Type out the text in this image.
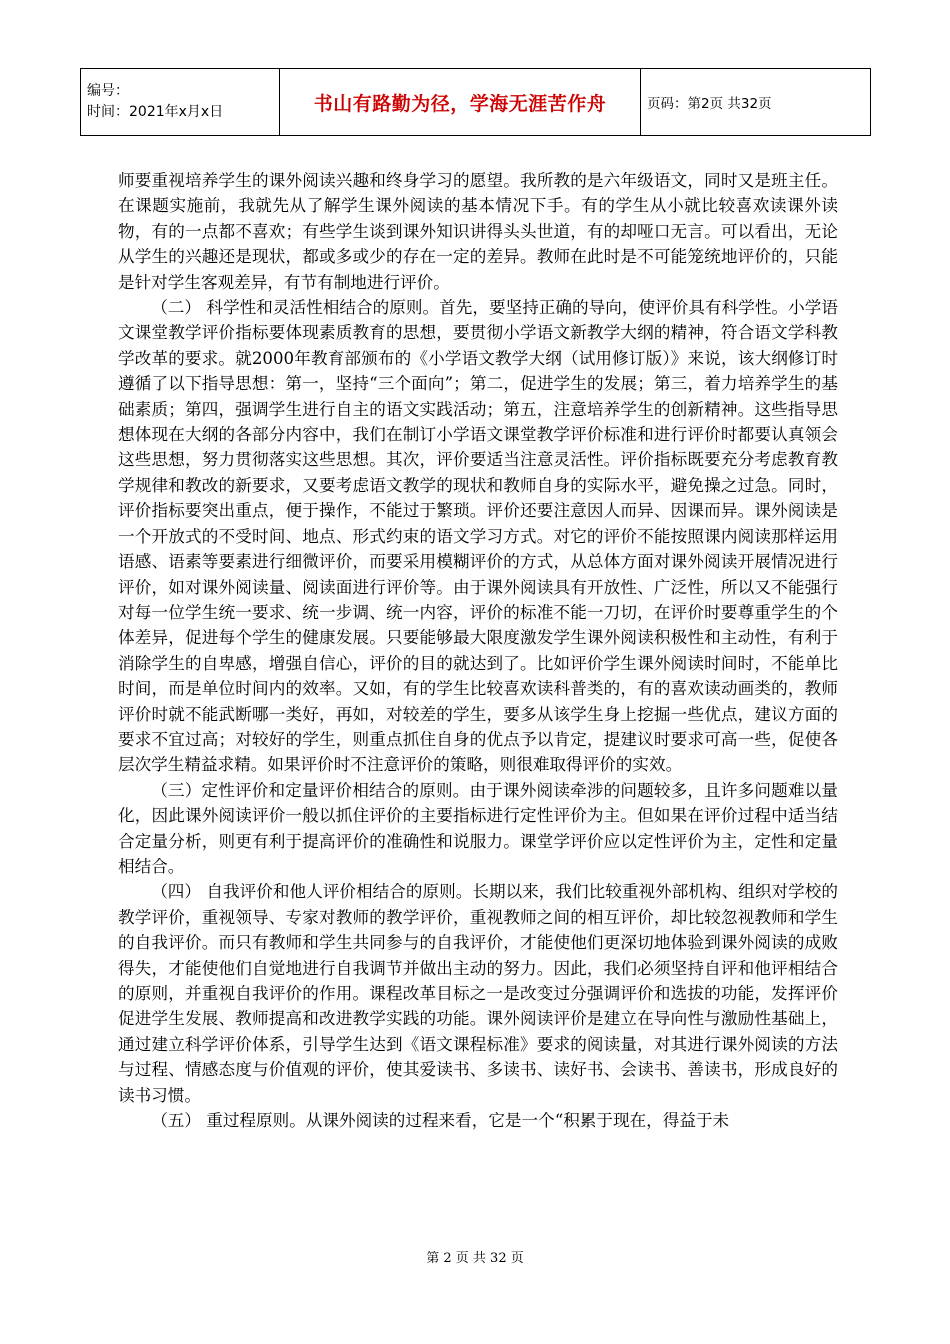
编号：
时间：2021年x月x日	书山有路勤为径，学海无涯苦作舟	页码：第2页 共32页

师要重视培养学生的课外阅读兴趣和终身学习的愿望。我所教的是六年级语文，同时又是班主任。在课题实施前，我就先从了解学生课外阅读的基本情况下手。有的学生从小就比较喜欢读课外读物，有的一点都不喜欢；有些学生谈到课外知识讲得头头世道，有的却哑口无言。可以看出，无论从学生的兴趣还是现状，都或多或少的存在一定的差异。教师在此时是不可能笼统地评价的，只能是针对学生客观差异，有节有制地进行评价。

（二） 科学性和灵活性相结合的原则。首先，要坚持正确的导向，使评价具有科学性。小学语文课堂教学评价指标要体现素质教育的思想，要贯彻小学语文新教学大纲的精神，符合语文学科教学改革的要求。就2000年教育部颁布的《小学语文教学大纲（试用修订版）》来说，该大纲修订时遵循了以下指导思想：第一，坚持“三个面向”；第二，促进学生的发展；第三，着力培养学生的基础素质；第四，强调学生进行自主的语文实践活动；第五，注意培养学生的创新精神。这些指导思想体现在大纲的各部分内容中，我们在制订小学语文课堂教学评价标准和进行评价时都要认真领会这些思想，努力贯彻落实这些思想。其次，评价要适当注意灵活性。评价指标既要充分考虑教育教学规律和教改的新要求，又要考虑语文教学的现状和教师自身的实际水平，避免操之过急。同时，评价指标要突出重点，便于操作，不能过于繁琐。评价还要注意因人而异、因课而异。课外阅读是一个开放式的不受时间、地点、形式约束的语文学习方式。对它的评价不能按照课内阅读那样运用语感、语素等要素进行细微评价，而要采用模糊评价的方式，从总体方面对课外阅读开展情况进行评价，如对课外阅读量、阅读面进行评价等。由于课外阅读具有开放性、广泛性，所以又不能强行对每一位学生统一要求、统一步调、统一内容，评价的标准不能一刀切，在评价时要尊重学生的个体差异，促进每个学生的健康发展。只要能够最大限度激发学生课外阅读积极性和主动性，有利于消除学生的自卑感，增强自信心，评价的目的就达到了。比如评价学生课外阅读时间时，不能单比时间，而是单位时间内的效率。又如，有的学生比较喜欢读科普类的，有的喜欢读动画类的，教师评价时就不能武断哪一类好，再如，对较差的学生，要多从该学生身上挖掘一些优点，建议方面的要求不宜过高；对较好的学生，则重点抓住自身的优点予以肯定，提建议时要求可高一些，促使各层次学生精益求精。如果评价时不注意评价的策略，则很难取得评价的实效。

（三）定性评价和定量评价相结合的原则。由于课外阅读牵涉的问题较多，且许多问题难以量化，因此课外阅读评价一般以抓住评价的主要指标进行定性评价为主。但如果在评价过程中适当结合定量分析，则更有利于提高评价的准确性和说服力。课堂学评价应以定性评价为主，定性和定量相结合。

（四） 自我评价和他人评价相结合的原则。长期以来，我们比较重视外部机构、组织对学校的教学评价，重视领导、专家对教师的教学评价，重视教师之间的相互评价，却比较忽视教师和学生的自我评价。而只有教师和学生共同参与的自我评价，才能使他们更深切地体验到课外阅读的成败得失，才能使他们自觉地进行自我调节并做出主动的努力。因此，我们必须坚持自评和他评相结合的原则，并重视自我评价的作用。课程改革目标之一是改变过分强调评价和选拔的功能，发挥评价促进学生发展、教师提高和改进教学实践的功能。课外阅读评价是建立在导向性与激励性基础上，通过建立科学评价体系，引导学生达到《语文课程标准》要求的阅读量，对其进行课外阅读的方法与过程、情感态度与价值观的评价，使其爱读书、多读书、读好书、会读书、善读书，形成良好的读书习惯。

（五） 重过程原则。从课外阅读的过程来看，它是一个“积累于现在，得益于未

第 2 页 共 32 页
